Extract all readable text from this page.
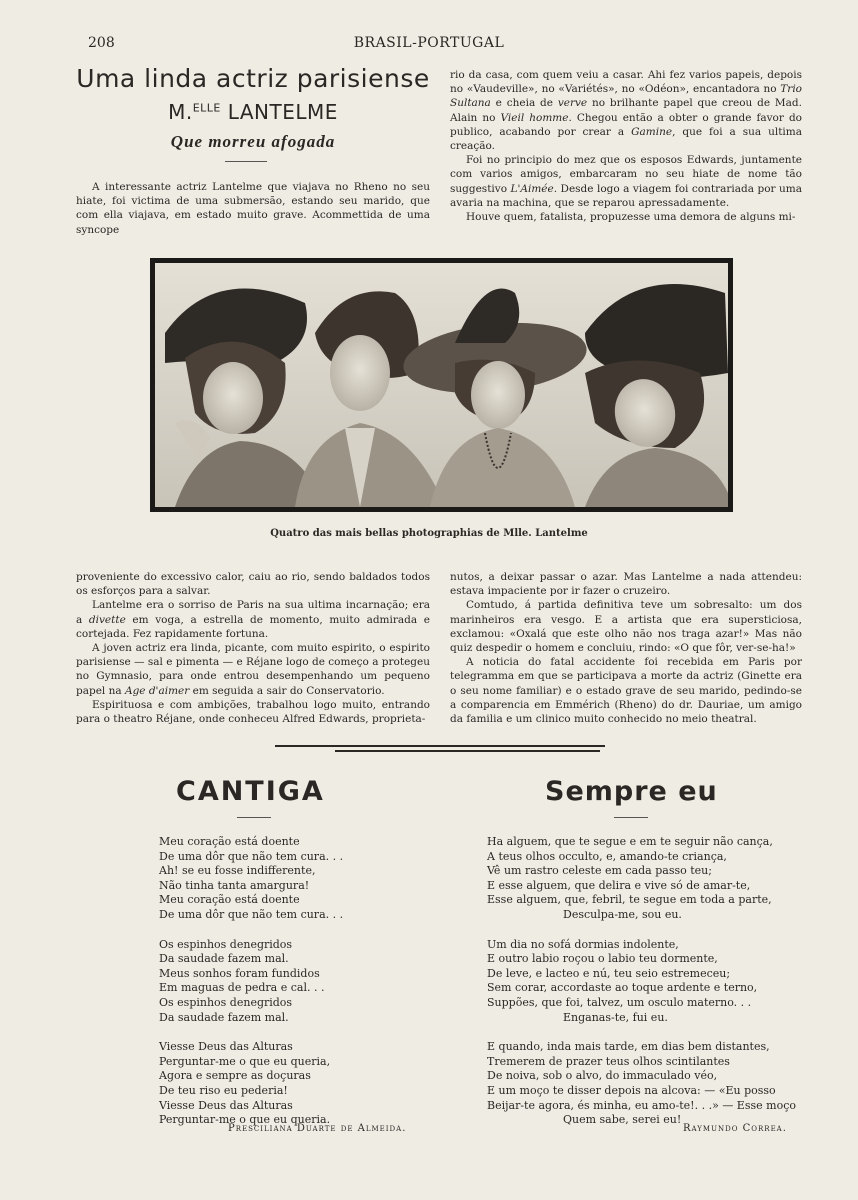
208	BRASIL-PORTUGAL
Uma linda actriz parisiense
M.$^{ELLE}$ LANTELME
Que morreu afogada

A interessante actriz Lantelme que viajava no Rheno no seu hiate, foi victima de uma submersão, estando seu marido, que com ella viajava, em estado muito grave. Acommettida de uma syncope

rio da casa, com quem veiu a casar. Ahi fez varios papeis, depois no «Vaudeville», no «Variétés», no «Odéon», encantadora no Trio Sultana e cheia de verve no brilhante papel que creou de Mad. Alain no Vieil homme. Chegou então a obter o grande favor do publico, acabando por crear a Gamine, que foi a sua ultima creação.

Foi no principio do mez que os esposos Edwards, juntamente com varios amigos, embarcaram no seu hiate de nome tão suggestivo L'Aimée. Desde logo a viagem foi contrariada por uma avaria na machina, que se reparou apressadamente.

Houve quem, fatalista, propuzesse uma demora de alguns mi-

Quatro das mais bellas photographias de Mlle. Lantelme

proveniente do excessivo calor, caiu ao rio, sendo baldados todos os esforços para a salvar.

Lantelme era o sorriso de Paris na sua ultima incarnação; era a divette em voga, a estrella de momento, muito admirada e cortejada. Fez rapidamente fortuna.

A joven actriz era linda, picante, com muito espirito, o espirito parisiense — sal e pimenta — e Réjane logo de começo a protegeu no Gymnasio, para onde entrou desempenhando um pequeno papel na Age d'aimer em seguida a sair do Conservatorio.

Espirituosa e com ambições, trabalhou logo muito, entrando para o theatro Réjane, onde conheceu Alfred Edwards, proprieta-

nutos, a deixar passar o azar. Mas Lantelme a nada attendeu: estava impaciente por ir fazer o cruzeiro.

Comtudo, á partida definitiva teve um sobresalto: um dos marinheiros era vesgo. E a artista que era supersticiosa, exclamou: «Oxalá que este olho não nos traga azar!» Mas não quiz despedir o homem e concluiu, rindo: «O que fôr, ver-se-ha!»

A noticia do fatal accidente foi recebida em Paris por telegramma em que se participava a morte da actriz (Ginette era o seu nome familiar) e o estado grave de seu marido, pedindo-se a comparencia em Emmérich (Rheno) do dr. Dauriae, um amigo da familia e um clinico muito conhecido no meio theatral.

CANTIGA
Meu coração está doente
De uma dôr que não tem cura. . .
Ah! se eu fosse indifferente,
Não tinha tanta amargura!
Meu coração está doente
De uma dôr que não tem cura. . .
Os espinhos denegridos
Da saudade fazem mal.
Meus sonhos foram fundidos
Em maguas de pedra e cal. . .
Os espinhos denegridos
Da saudade fazem mal.
Viesse Deus das Alturas
Perguntar-me o que eu queria,
Agora e sempre as doçuras
De teu riso eu pederia!
Viesse Deus das Alturas
Perguntar-me o que eu queria.
Presciliana Duarte de Almeida.
Sempre eu
Ha alguem, que te segue e em te seguir não cança,
A teus olhos occulto, e, amando-te criança,
Vê um rastro celeste em cada passo teu;
E esse alguem, que delira e vive só de amar-te,
Esse alguem, que, febril, te segue em toda a parte,
Desculpa-me, sou eu.
Um dia no sofá dormias indolente,
E outro labio roçou o labio teu dormente,
De leve, e lacteo e nú, teu seio estremeceu;
Sem corar, accordaste ao toque ardente e terno,
Suppões, que foi, talvez, um osculo materno. . .
Enganas-te, fui eu.
E quando, inda mais tarde, em dias bem distantes,
Tremerem de prazer teus olhos scintilantes
De noiva, sob o alvo, do immaculado véo,
E um moço te disser depois na alcova: — «Eu posso
Beijar-te agora, és minha, eu amo-te!. . .» — Esse moço
Quem sabe, serei eu!
Raymundo Correa.
